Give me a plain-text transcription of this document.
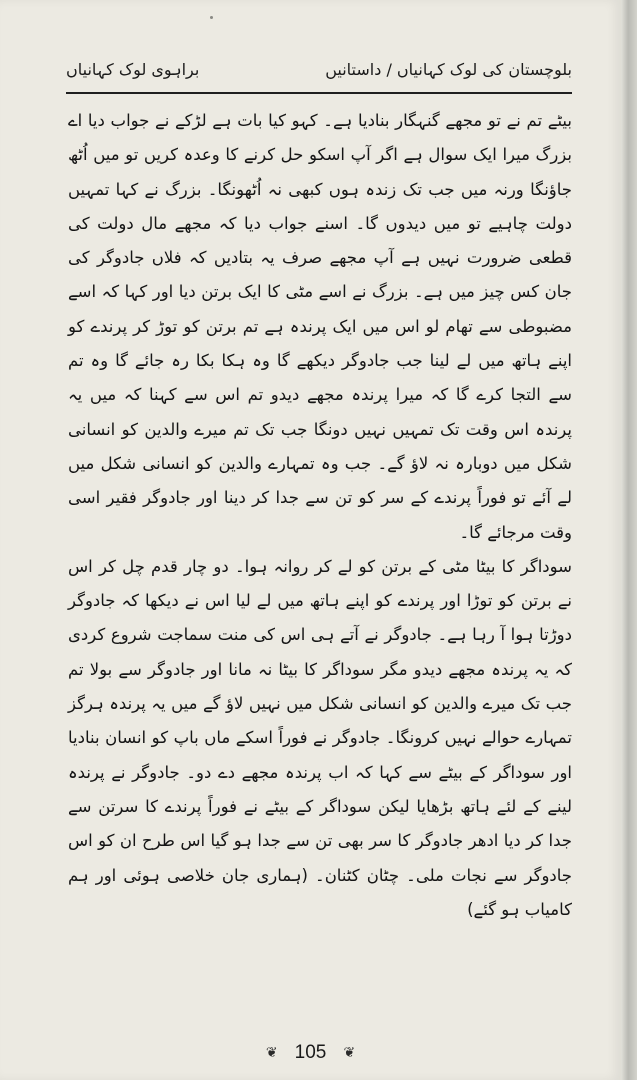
بلوچستان کی لوک کہانیاں / داستانیں
براہوی لوک کہانیاں

بیٹے تم نے تو مجھے گنہگار بنادیا ہے۔ کہو کیا بات ہے لڑکے نے جواب دیا اے بزرگ میرا ایک سوال ہے اگر آپ اسکو حل کرنے کا وعدہ کریں تو میں اُٹھ جاؤنگا ورنہ میں جب تک زندہ ہوں کبھی نہ اُٹھونگا۔ بزرگ نے کہا تمہیں دولت چاہیے تو میں دیدوں گا۔ اسنے جواب دیا کہ مجھے مال دولت کی قطعی ضرورت نہیں ہے آپ مجھے صرف یہ بتادیں کہ فلاں جادوگر کی جان کس چیز میں ہے۔ بزرگ نے اسے مٹی کا ایک برتن دیا اور کہا کہ اسے مضبوطی سے تھام لو اس میں ایک پرندہ ہے تم برتن کو توڑ کر پرندے کو اپنے ہاتھ میں لے لینا جب جادوگر دیکھے گا وہ ہکا بکا رہ جائے گا وہ تم سے التجا کرے گا کہ میرا پرندہ مجھے دیدو تم اس سے کہنا کہ میں یہ پرندہ اس وقت تک تمہیں نہیں دونگا جب تک تم میرے والدین کو انسانی شکل میں دوبارہ نہ لاؤ گے۔ جب وہ تمہارے والدین کو انسانی شکل میں لے آئے تو فوراً پرندے کے سر کو تن سے جدا کر دینا اور جادوگر فقیر اسی وقت مرجائے گا۔

سوداگر کا بیٹا مٹی کے برتن کو لے کر روانہ ہوا۔ دو چار قدم چل کر اس نے برتن کو توڑا اور پرندے کو اپنے ہاتھ میں لے لیا اس نے دیکھا کہ جادوگر دوڑتا ہوا آ رہا ہے۔ جادوگر نے آتے ہی اس کی منت سماجت شروع کردی کہ یہ پرندہ مجھے دیدو مگر سوداگر کا بیٹا نہ مانا اور جادوگر سے بولا تم جب تک میرے والدین کو انسانی شکل میں نہیں لاؤ گے میں یہ پرندہ ہرگز تمہارے حوالے نہیں کرونگا۔ جادوگر نے فوراً اسکے ماں باپ کو انسان بنادیا اور سوداگر کے بیٹے سے کہا کہ اب پرندہ مجھے دے دو۔ جادوگر نے پرندہ لینے کے لئے ہاتھ بڑھایا لیکن سوداگر کے بیٹے نے فوراً پرندے کا سرتن سے جدا کر دیا ادھر جادوگر کا سر بھی تن سے جدا ہو گیا اس طرح ان کو اس جادوگر سے نجات ملی۔ چٹان کٹنان۔ (ہماری جان خلاصی ہوئی اور ہم کامیاب ہو گئے)

❦ 105 ❦
